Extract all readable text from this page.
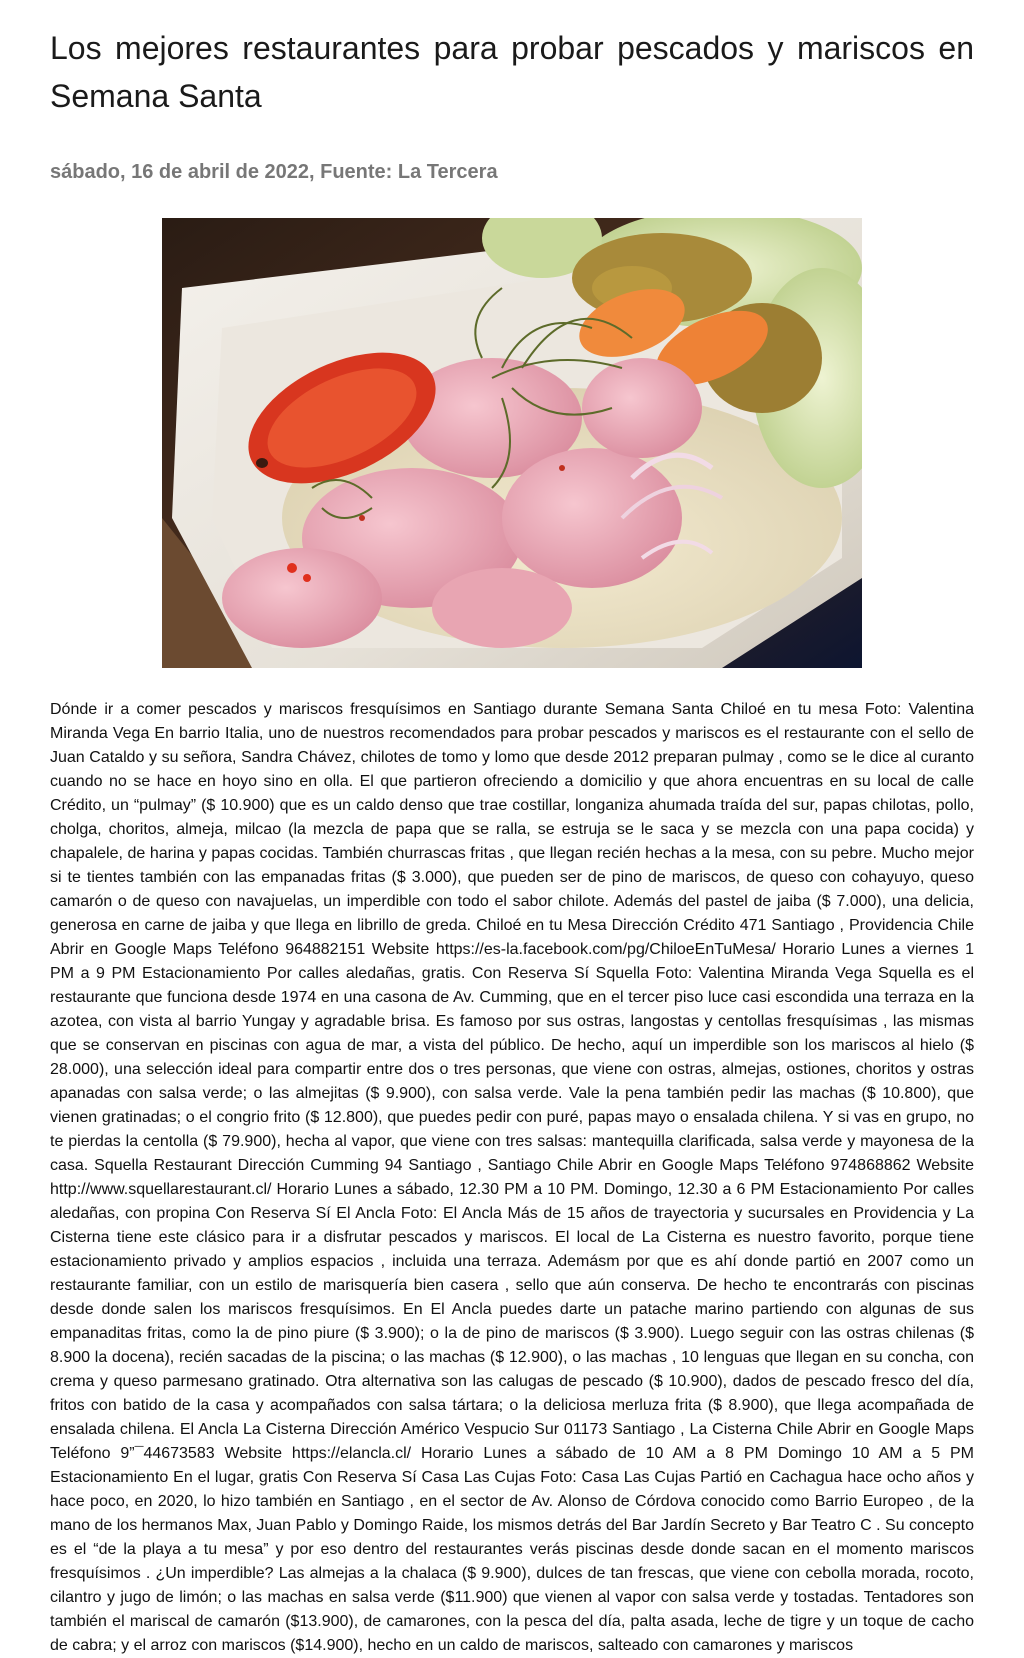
Los mejores restaurantes para probar pescados y mariscos en Semana Santa
sábado, 16 de abril de 2022, Fuente: La Tercera

Dónde ir a comer pescados y mariscos fresquísimos en Santiago durante Semana Santa Chiloé en tu mesa Foto: Valentina Miranda Vega En barrio Italia, uno de nuestros recomendados para probar pescados y mariscos es el restaurante con el sello de Juan Cataldo y su señora, Sandra Chávez, chilotes de tomo y lomo que desde 2012 preparan pulmay , como se le dice al curanto cuando no se hace en hoyo sino en olla. El que partieron ofreciendo a domicilio y que ahora encuentras en su local de calle Crédito, un “pulmay” ($ 10.900) que es un caldo denso que trae costillar, longaniza ahumada traída del sur, papas chilotas, pollo, cholga, choritos, almeja, milcao (la mezcla de papa que se ralla, se estruja se le saca y se mezcla con una papa cocida) y chapalele, de harina y papas cocidas. También churrascas fritas , que llegan recién hechas a la mesa, con su pebre. Mucho mejor si te tientes también con las empanadas fritas ($ 3.000), que pueden ser de pino de mariscos, de queso con cohayuyo, queso camarón o de queso con navajuelas, un imperdible con todo el sabor chilote. Además del pastel de jaiba ($ 7.000), una delicia, generosa en carne de jaiba y que llega en librillo de greda. Chiloé en tu Mesa Dirección Crédito 471 Santiago , Providencia Chile Abrir en Google Maps Teléfono 964882151 Website https://es-la.facebook.com/pg/ChiloeEnTuMesa/ Horario Lunes a viernes 1 PM a 9 PM Estacionamiento Por calles aledañas, gratis. Con Reserva Sí Squella Foto: Valentina Miranda Vega Squella es el restaurante que funciona desde 1974 en una casona de Av. Cumming, que en el tercer piso luce casi escondida una terraza en la azotea, con vista al barrio Yungay y agradable brisa. Es famoso por sus ostras, langostas y centollas fresquísimas , las mismas que se conservan en piscinas con agua de mar, a vista del público. De hecho, aquí un imperdible son los mariscos al hielo ($ 28.000), una selección ideal para compartir entre dos o tres personas, que viene con ostras, almejas, ostiones, choritos y ostras apanadas con salsa verde; o las almejitas ($ 9.900), con salsa verde. Vale la pena también pedir las machas ($ 10.800), que vienen gratinadas; o el congrio frito ($ 12.800), que puedes pedir con puré, papas mayo o ensalada chilena. Y si vas en grupo, no te pierdas la centolla ($ 79.900), hecha al vapor, que viene con tres salsas: mantequilla clarificada, salsa verde y mayonesa de la casa. Squella Restaurant Dirección Cumming 94 Santiago , Santiago Chile Abrir en Google Maps Teléfono 974868862 Website http://www.squellarestaurant.cl/ Horario Lunes a sábado, 12.30 PM a 10 PM. Domingo, 12.30 a 6 PM Estacionamiento Por calles aledañas, con propina Con Reserva Sí El Ancla Foto: El Ancla Más de 15 años de trayectoria y sucursales en Providencia y La Cisterna tiene este clásico para ir a disfrutar pescados y mariscos. El local de La Cisterna es nuestro favorito, porque tiene estacionamiento privado y amplios espacios , incluida una terraza. Ademásm por que es ahí donde partió en 2007 como un restaurante familiar, con un estilo de marisquería bien casera , sello que aún conserva. De hecho te encontrarás con piscinas desde donde salen los mariscos fresquísimos. En El Ancla puedes darte un patache marino partiendo con algunas de sus empanaditas fritas, como la de pino piure ($ 3.900); o la de pino de mariscos ($ 3.900). Luego seguir con las ostras chilenas ($ 8.900 la docena), recién sacadas de la piscina; o las machas ($ 12.900), o las machas , 10 lenguas que llegan en su concha, con crema y queso parmesano gratinado. Otra alternativa son las calugas de pescado ($ 10.900), dados de pescado fresco del día, fritos con batido de la casa y acompañados con salsa tártara; o la deliciosa merluza frita ($ 8.900), que llega acompañada de ensalada chilena. El Ancla La Cisterna Dirección Américo Vespucio Sur 01173 Santiago , La Cisterna Chile Abrir en Google Maps Teléfono 9”¯44673583 Website https://elancla.cl/ Horario Lunes a sábado de 10 AM a 8 PM Domingo 10 AM a 5 PM Estacionamiento En el lugar, gratis Con Reserva Sí Casa Las Cujas Foto: Casa Las Cujas Partió en Cachagua hace ocho años y hace poco, en 2020, lo hizo también en Santiago , en el sector de Av. Alonso de Córdova conocido como Barrio Europeo , de la mano de los hermanos Max, Juan Pablo y Domingo Raide, los mismos detrás del Bar Jardín Secreto y Bar Teatro C . Su concepto es el “de la playa a tu mesa” y por eso dentro del restaurantes verás piscinas desde donde sacan en el momento mariscos fresquísimos . ¿Un imperdible? Las almejas a la chalaca ($ 9.900), dulces de tan frescas, que viene con cebolla morada, rocoto, cilantro y jugo de limón; o las machas en salsa verde ($11.900) que vienen al vapor con salsa verde y tostadas. Tentadores son también el mariscal de camarón ($13.900), de camarones, con la pesca del día, palta asada, leche de tigre y un toque de cacho de cabra; y el arroz con mariscos ($14.900), hecho en un caldo de mariscos, salteado con camarones y mariscos
